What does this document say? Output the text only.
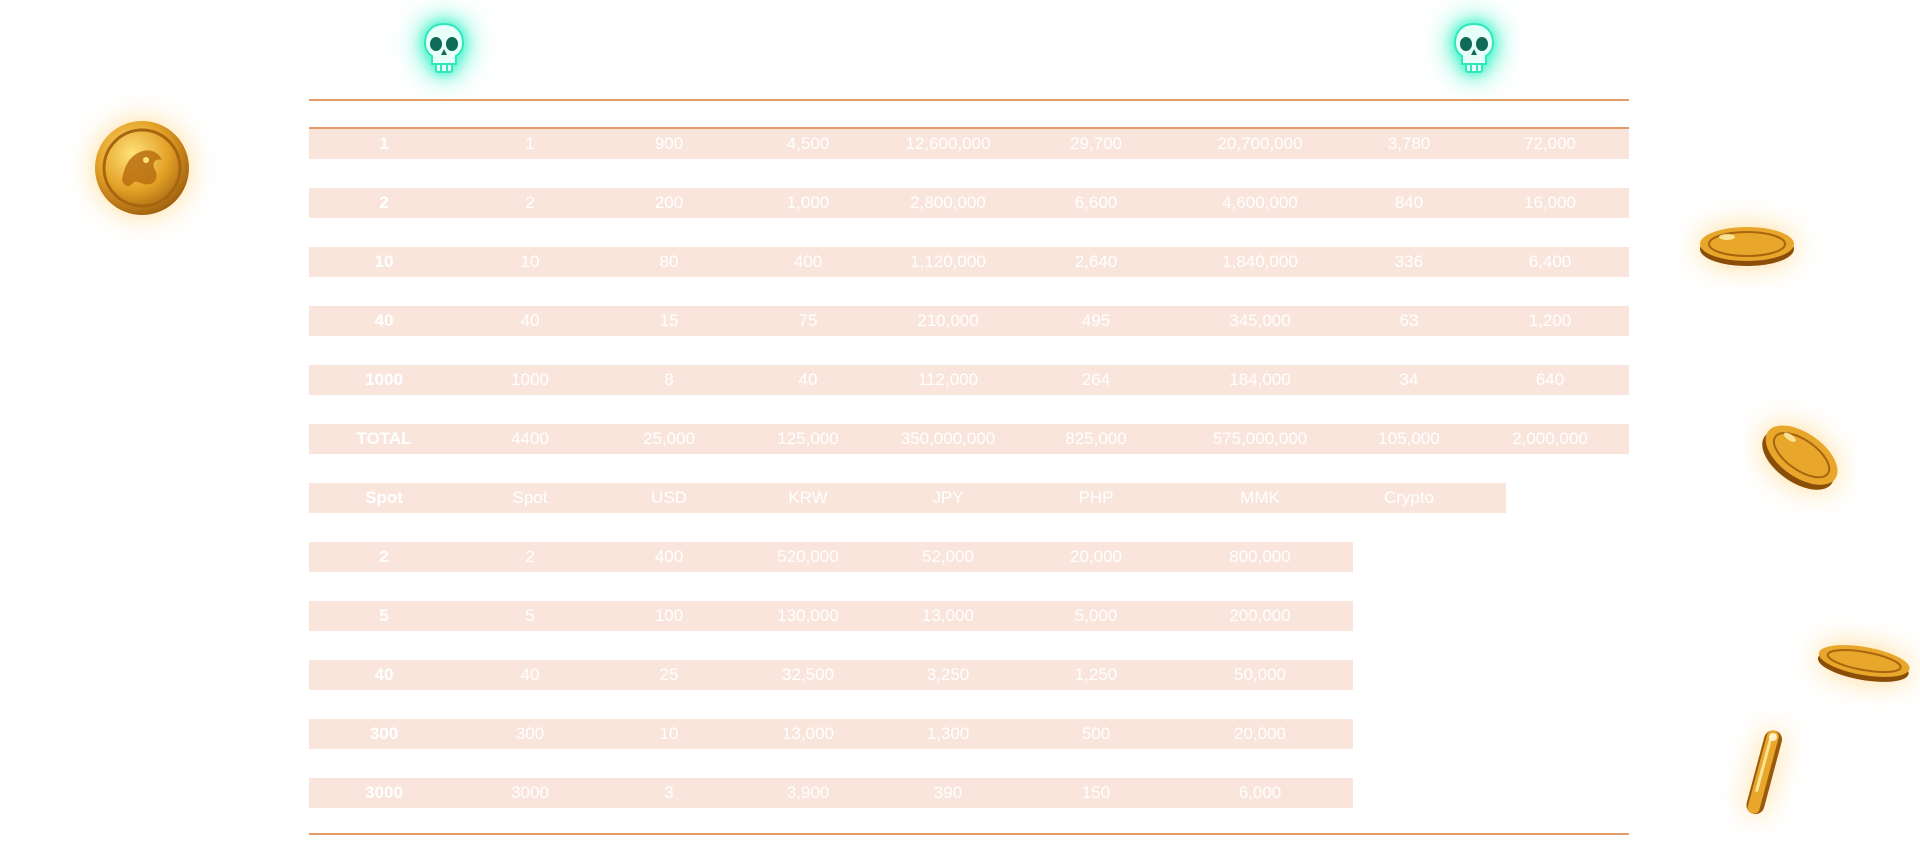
1	1	900	4,500	12,600,000	29,700	20,700,000	3,780	72,000
2	2	200	1,000	2,800,000	6,600	4,600,000	840	16,000
10	10	80	400	1,120,000	2,640	1,840,000	336	6,400
40	40	15	75	210,000	495	345,000	63	1,200
1000	1000	8	40	112,000	264	184,000	34	640
TOTAL	4400	25,000	125,000	350,000,000	825,000	575,000,000	105,000	2,000,000
Spot	Spot	USD	KRW	JPY	PHP	MMK	Crypto
2	2	400	520,000	52,000	20,000	800,000
5	5	100	130,000	13,000	5,000	200,000
40	40	25	32,500	3,250	1,250	50,000
300	300	10	13,000	1,300	500	20,000
3000	3000	3	3,900	390	150	6,000
